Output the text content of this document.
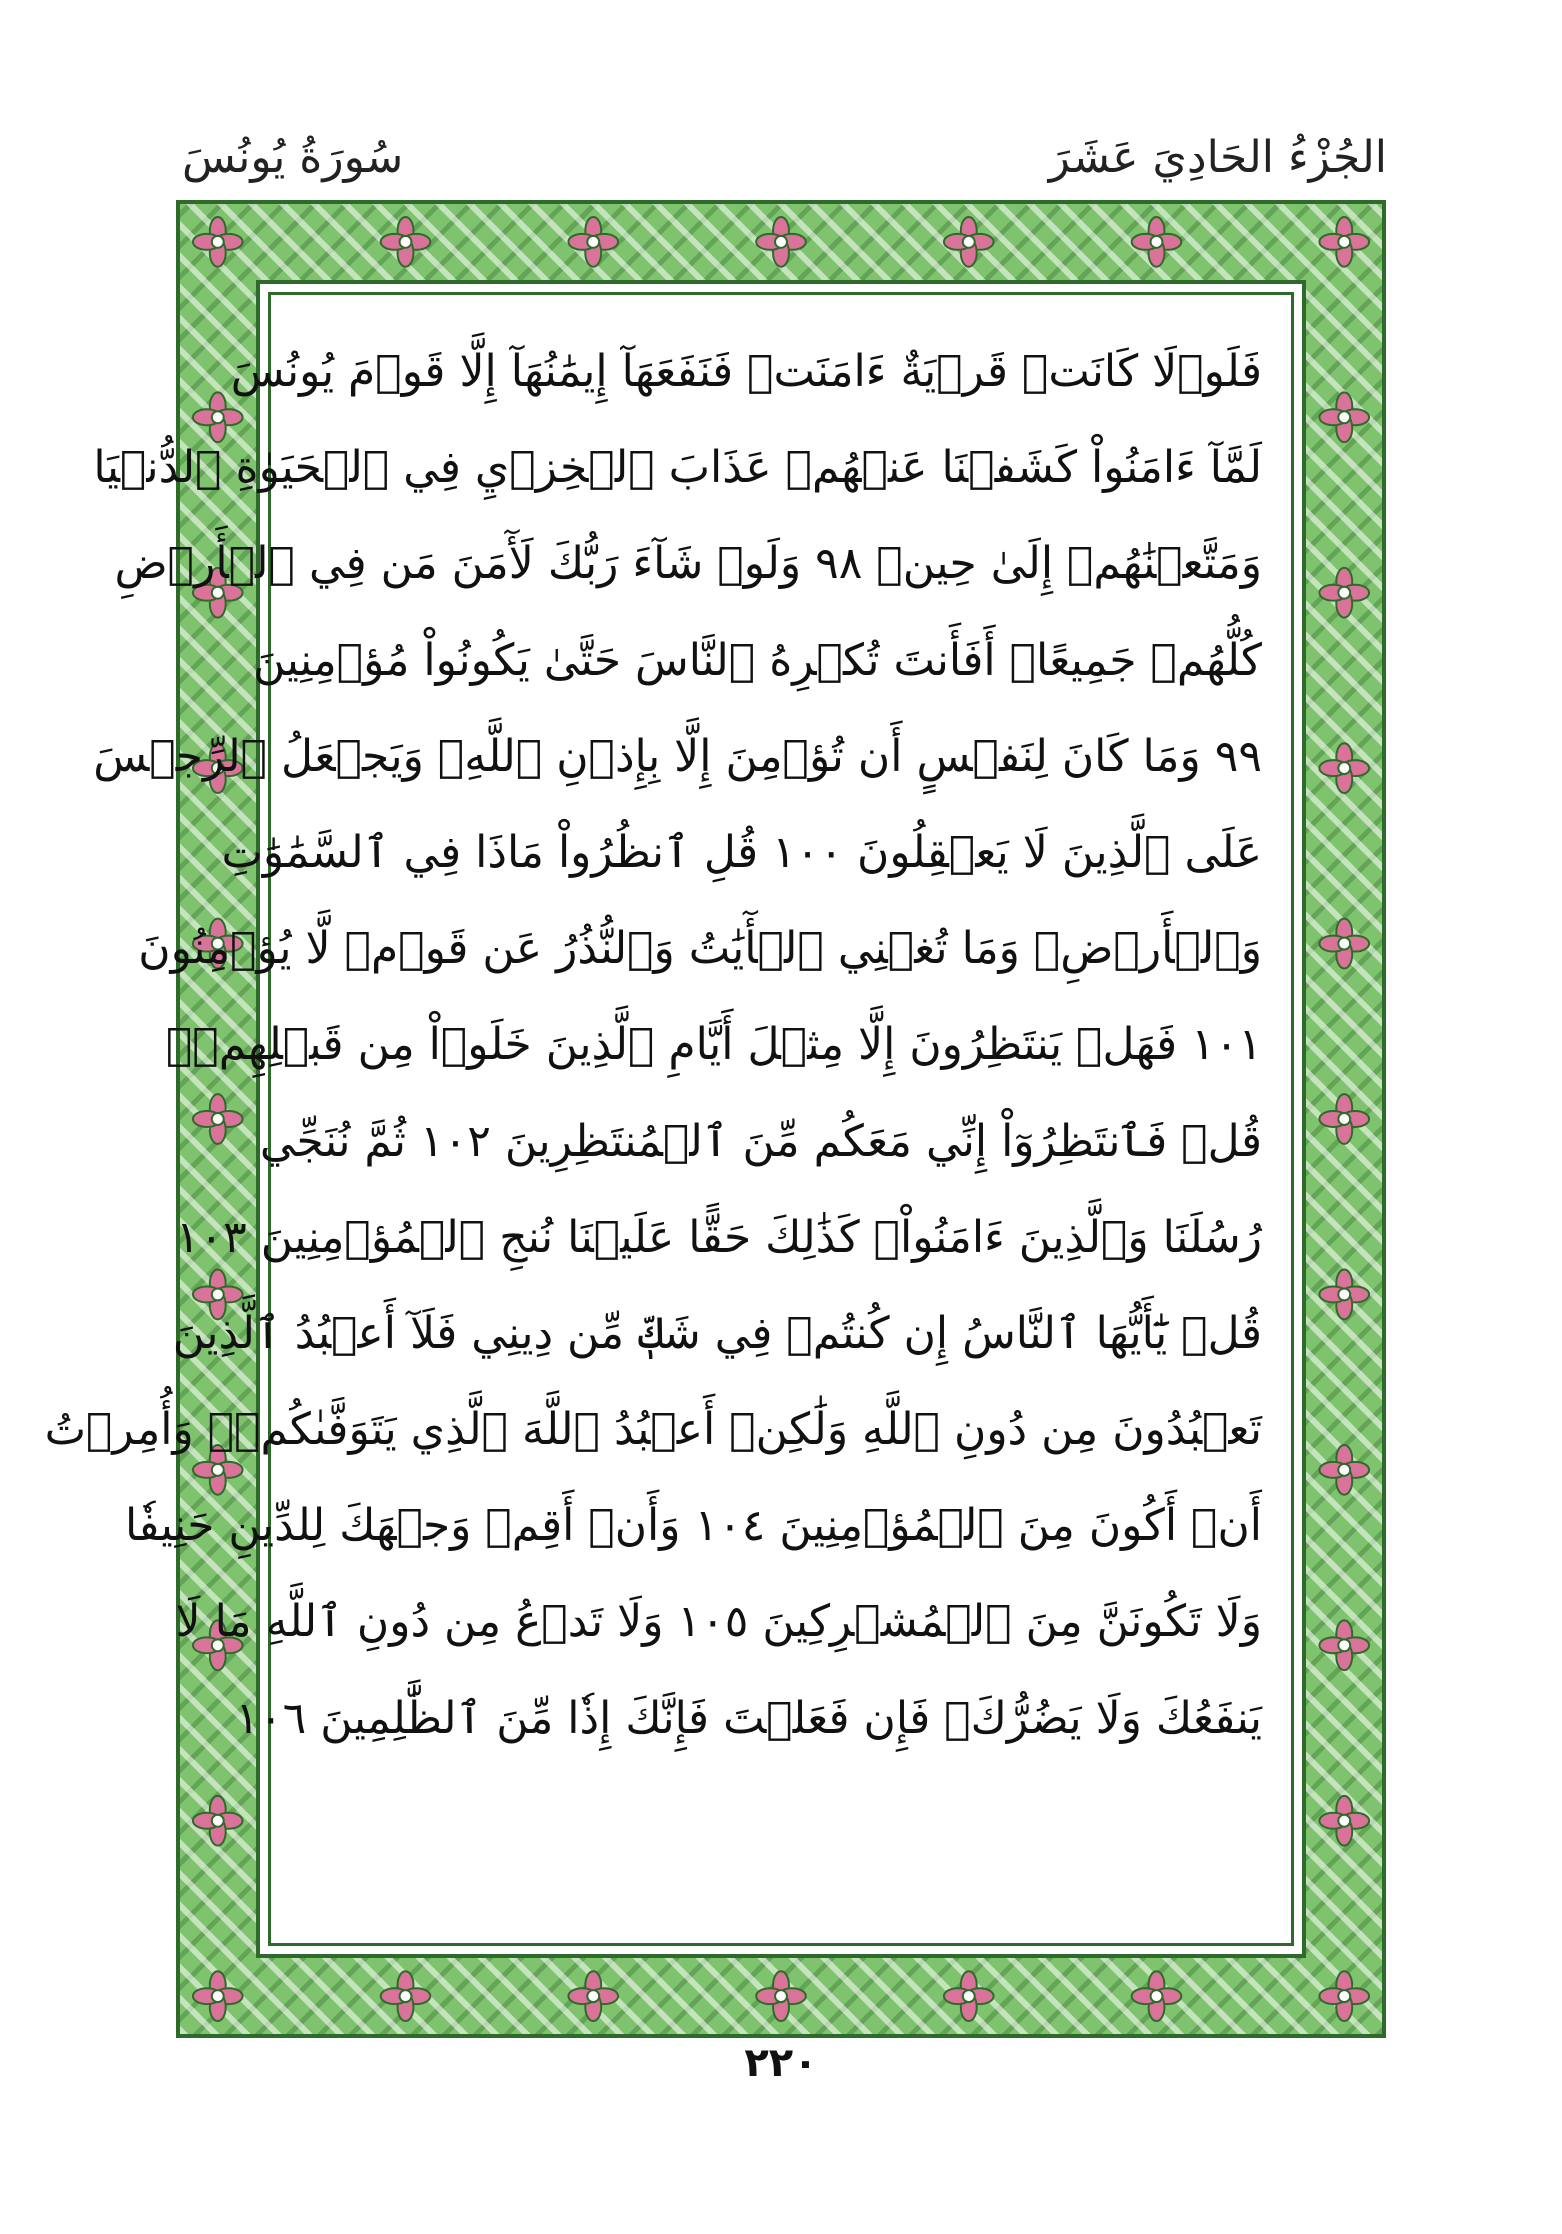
سُورَةُ يُونُسَ	الجُزْءُ الحَادِيَ عَشَرَ
فَلَوۡلَا كَانَتۡ قَرۡيَةٌ ءَامَنَتۡ فَنَفَعَهَآ إِيمَٰنُهَآ إِلَّا قَوۡمَ يُونُسَ
لَمَّآ ءَامَنُواْ كَشَفۡنَا عَنۡهُمۡ عَذَابَ ٱلۡخِزۡيِ فِي ٱلۡحَيَوٰةِ ٱلدُّنۡيَا
وَمَتَّعۡنَٰهُمۡ إِلَىٰ حِينٖ ٩٨ وَلَوۡ شَآءَ رَبُّكَ لَأٓمَنَ مَن فِي ٱلۡأَرۡضِ
كُلُّهُمۡ جَمِيعًاۚ أَفَأَنتَ تُكۡرِهُ ٱلنَّاسَ حَتَّىٰ يَكُونُواْ مُؤۡمِنِينَ
٩٩ وَمَا كَانَ لِنَفۡسٍ أَن تُؤۡمِنَ إِلَّا بِإِذۡنِ ٱللَّهِۚ وَيَجۡعَلُ ٱلرِّجۡسَ
عَلَى ٱلَّذِينَ لَا يَعۡقِلُونَ ١٠٠ قُلِ ٱنظُرُواْ مَاذَا فِي ٱلسَّمَٰوَٰتِ
وَٱلۡأَرۡضِۚ وَمَا تُغۡنِي ٱلۡأٓيَٰتُ وَٱلنُّذُرُ عَن قَوۡمٖ لَّا يُؤۡمِنُونَ
١٠١ فَهَلۡ يَنتَظِرُونَ إِلَّا مِثۡلَ أَيَّامِ ٱلَّذِينَ خَلَوۡاْ مِن قَبۡلِهِمۡۚ
قُلۡ فَٱنتَظِرُوٓاْ إِنِّي مَعَكُم مِّنَ ٱلۡمُنتَظِرِينَ ١٠٢ ثُمَّ نُنَجِّي
رُسُلَنَا وَٱلَّذِينَ ءَامَنُواْۚ كَذَٰلِكَ حَقًّا عَلَيۡنَا نُنجِ ٱلۡمُؤۡمِنِينَ ١٠٣
قُلۡ يَٰٓأَيُّهَا ٱلنَّاسُ إِن كُنتُمۡ فِي شَكّٖ مِّن دِينِي فَلَآ أَعۡبُدُ ٱلَّذِينَ
تَعۡبُدُونَ مِن دُونِ ٱللَّهِ وَلَٰكِنۡ أَعۡبُدُ ٱللَّهَ ٱلَّذِي يَتَوَفَّىٰكُمۡۖ وَأُمِرۡتُ
أَنۡ أَكُونَ مِنَ ٱلۡمُؤۡمِنِينَ ١٠٤ وَأَنۡ أَقِمۡ وَجۡهَكَ لِلدِّينِ حَنِيفٗا
وَلَا تَكُونَنَّ مِنَ ٱلۡمُشۡرِكِينَ ١٠٥ وَلَا تَدۡعُ مِن دُونِ ٱللَّهِ مَا لَا
يَنفَعُكَ وَلَا يَضُرُّكَۖ فَإِن فَعَلۡتَ فَإِنَّكَ إِذٗا مِّنَ ٱلظَّٰلِمِينَ ١٠٦
٢٢٠
